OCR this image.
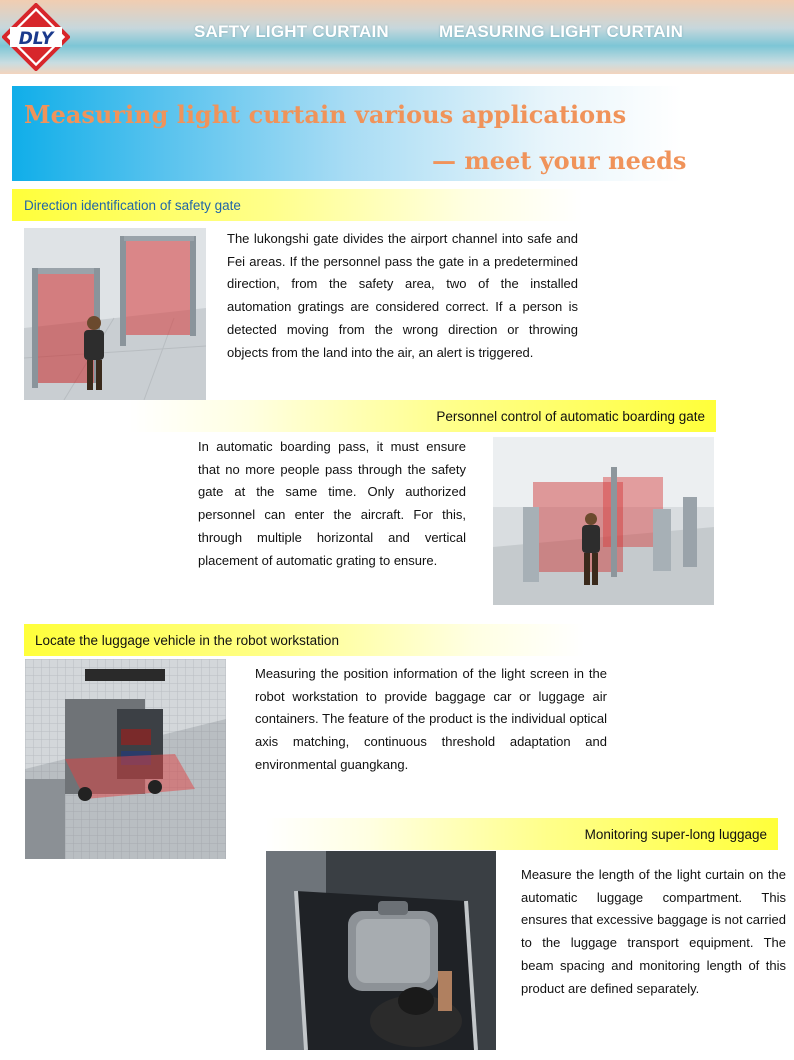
DLY	SAFTY LIGHT CURTAIN	MEASURING LIGHT CURTAIN
Measuring light curtain various applications
— meet your needs
Direction identification of safety gate

The lukongshi gate divides the airport channel into safe and Fei areas. If the personnel pass the gate in a predetermined direction, from the safety area, two of the installed automation gratings are considered correct. If a person is detected moving from the wrong direction or throwing objects from the land into the air, an alert is triggered.

Personnel control of automatic boarding gate

In automatic boarding pass, it must ensure that no more people pass through the safety gate at the same time. Only authorized personnel can enter the aircraft. For this, through multiple horizontal and vertical placement of automatic grating to ensure.

Locate the luggage vehicle in the robot workstation

Measuring the position information of the light screen in the robot workstation to provide baggage car or luggage air containers. The feature of the product is the individual optical axis matching, continuous threshold adaptation and environmental guangkang.

Monitoring super-long luggage

Measure the length of the light curtain on the automatic luggage compartment. This ensures that excessive baggage is not carried to the luggage transport equipment. The beam spacing and monitoring length of this product are defined separately.
